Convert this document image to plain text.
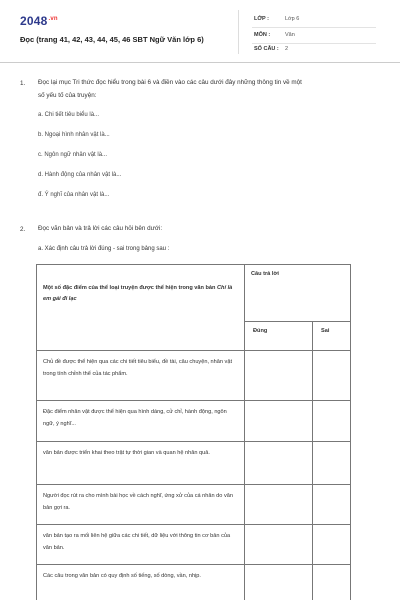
$2048^{.vn}$
Đọc (trang 41, 42, 43, 44, 45, 46 SBT Ngữ Văn lớp 6)
LỚP :	Lớp 6
MÔN :	Văn
SỐ CÂU : 2
1. Đọc lại mục Tri thức đọc hiểu trong bài 6 và điền vào các câu dưới đây những thông tin về một
số yếu tố của truyện:
a. Chi tiết tiêu biểu là...
b. Ngoại hình nhân vật là...
c. Ngôn ngữ nhân vật là...
d. Hành động của nhân vật là...
đ. Ý nghĩ của nhân vật là...
2. Đọc văn bản và trả lời các câu hỏi bên dưới:
a. Xác định câu trả lời đúng - sai trong bảng sau :
Một số đặc điểm của thể loại truyện được thể hiện trong văn bản Chỉ là em gái đi lạc	Câu trả lời	
	Đúng	Sai
Chủ đề được thể hiện qua các chi tiết tiêu biểu, đề tài, câu chuyện, nhân vật trong tính chỉnh thể của tác phẩm.		
Đặc điểm nhân vật được thể hiện qua hình dáng, cử chỉ, hành động, ngôn ngữ, ý nghĩ...		
văn bản được triển khai theo trật tự thời gian và quan hệ nhân quả.		
Người đọc rút ra cho mình bài học về cách nghĩ, ứng xử của cá nhân do văn bản gợi ra.		
văn bản tạo ra mối liên hệ giữa các chi tiết, dữ liệu với thông tin cơ bản của văn bản.		
Các câu trong văn bản có quy định số tiếng, số dòng, vần, nhịp.		
